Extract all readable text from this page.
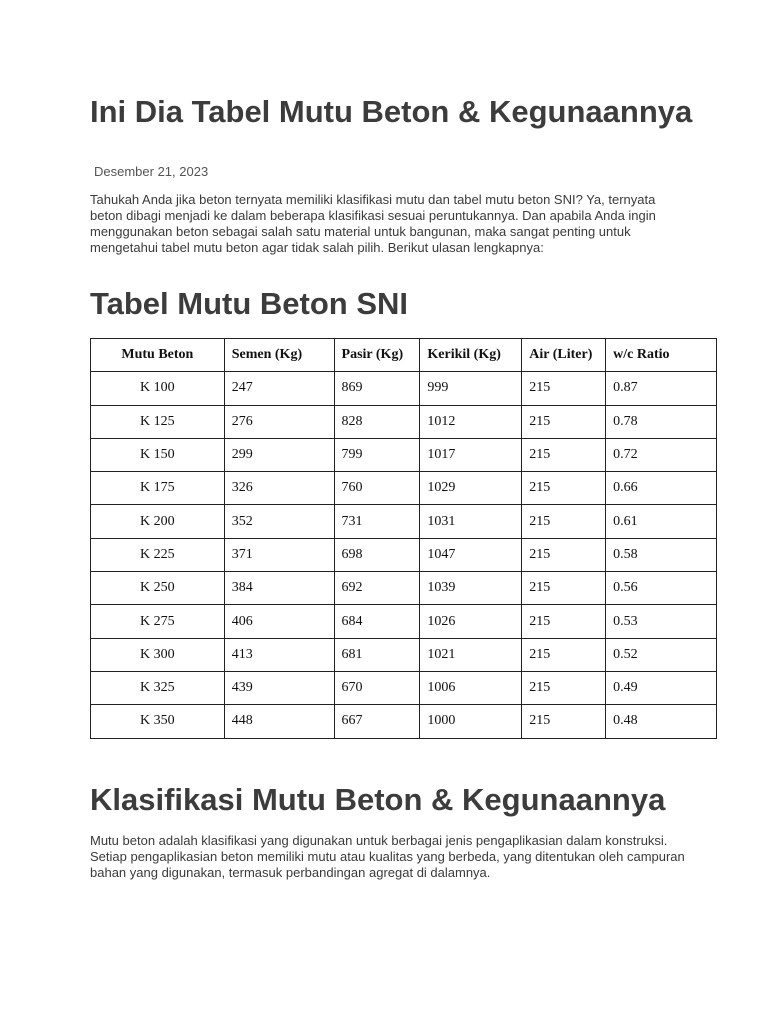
Ini Dia Tabel Mutu Beton & Kegunaannya
Desember 21, 2023

Tahukah Anda jika beton ternyata memiliki klasifikasi mutu dan tabel mutu beton SNI? Ya, ternyata beton dibagi menjadi ke dalam beberapa klasifikasi sesuai peruntukannya. Dan apabila Anda ingin menggunakan beton sebagai salah satu material untuk bangunan, maka sangat penting untuk mengetahui tabel mutu beton agar tidak salah pilih. Berikut ulasan lengkapnya:

Tabel Mutu Beton SNI
Mutu Beton	Semen (Kg)	Pasir (Kg)	Kerikil (Kg)	Air (Liter)	w/c Ratio
K 100	247	869	999	215	0.87
K 125	276	828	1012	215	0.78
K 150	299	799	1017	215	0.72
K 175	326	760	1029	215	0.66
K 200	352	731	1031	215	0.61
K 225	371	698	1047	215	0.58
K 250	384	692	1039	215	0.56
K 275	406	684	1026	215	0.53
K 300	413	681	1021	215	0.52
K 325	439	670	1006	215	0.49
K 350	448	667	1000	215	0.48
Klasifikasi Mutu Beton & Kegunaannya

Mutu beton adalah klasifikasi yang digunakan untuk berbagai jenis pengaplikasian dalam konstruksi. Setiap pengaplikasian beton memiliki mutu atau kualitas yang berbeda, yang ditentukan oleh campuran bahan yang digunakan, termasuk perbandingan agregat di dalamnya.
